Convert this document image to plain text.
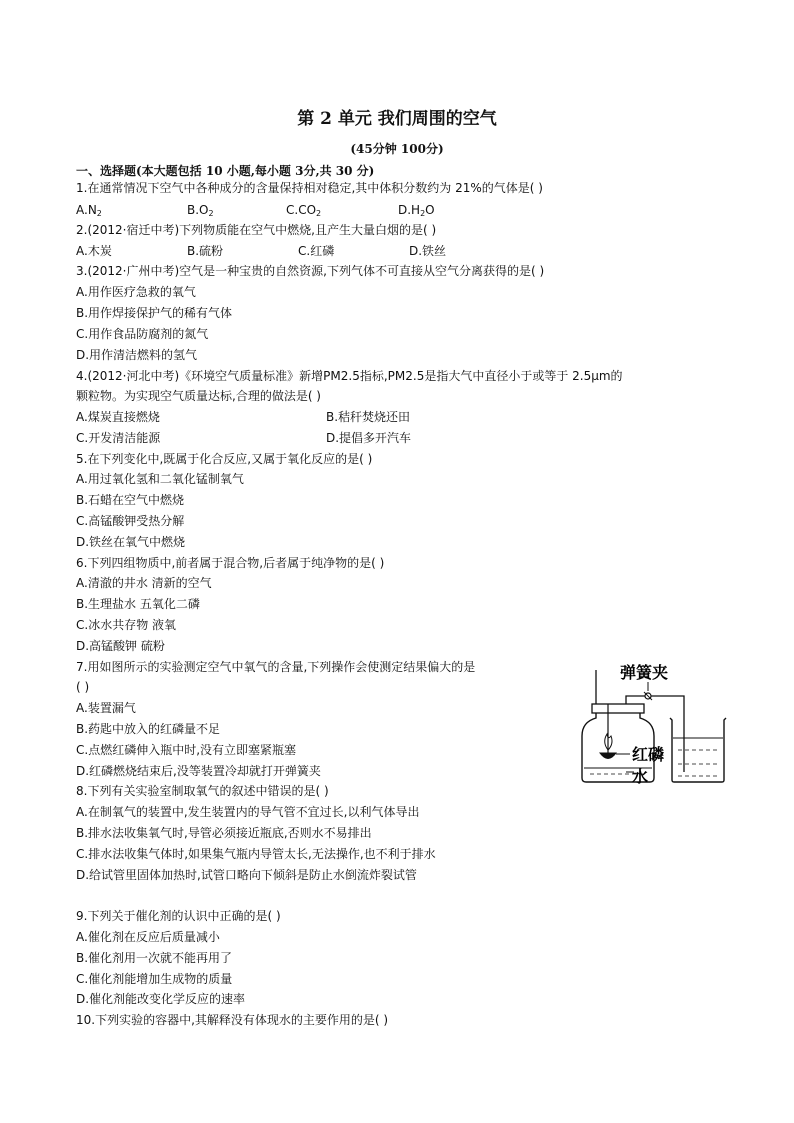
第 2 单元 我们周围的空气
(45分钟 100分)
一、选择题(本大题包括 10 小题,每小题 3分,共 30 分)
1.在通常情况下空气中各种成分的含量保持相对稳定,其中体积分数约为 21%的气体是( )
$A.N_2$	$B.O_2$	$C.CO_2$	$D.H_2O$
2.(2012·宿迁中考)下列物质能在空气中燃烧,且产生大量白烟的是( )
A.木炭	B.硫粉	C.红磷	D.铁丝
3.(2012·广州中考)空气是一种宝贵的自然资源,下列气体不可直接从空气分离获得的是( )
A.用作医疗急救的氧气
B.用作焊接保护气的稀有气体
C.用作食品防腐剂的氮气
D.用作清洁燃料的氢气
4.(2012·河北中考)《环境空气质量标准》新增PM2.5指标,PM2.5是指大气中直径小于或等于 2.5μm的
颗粒物。为实现空气质量达标,合理的做法是( )
A.煤炭直接燃烧	B.秸秆焚烧还田
C.开发清洁能源	D.提倡多开汽车
5.在下列变化中,既属于化合反应,又属于氧化反应的是( )
A.用过氧化氢和二氧化锰制氧气
B.石蜡在空气中燃烧
C.高锰酸钾受热分解
D.铁丝在氧气中燃烧
6.下列四组物质中,前者属于混合物,后者属于纯净物的是( )
A.清澈的井水 清新的空气
B.生理盐水 五氧化二磷
C.冰水共存物 液氧
D.高锰酸钾 硫粉
7.用如图所示的实验测定空气中氧气的含量,下列操作会使测定结果偏大的是
( )
A.装置漏气
B.药匙中放入的红磷量不足
C.点燃红磷伸入瓶中时,没有立即塞紧瓶塞
D.红磷燃烧结束后,没等装置冷却就打开弹簧夹
弹簧夹
红磷
水
8.下列有关实验室制取氧气的叙述中错误的是( )
A.在制氧气的装置中,发生装置内的导气管不宜过长,以利气体导出
B.排水法收集氧气时,导管必须接近瓶底,否则水不易排出
C.排水法收集气体时,如果集气瓶内导管太长,无法操作,也不利于排水
D.给试管里固体加热时,试管口略向下倾斜是防止水倒流炸裂试管
9.下列关于催化剂的认识中正确的是( )
A.催化剂在反应后质量减小
B.催化剂用一次就不能再用了
C.催化剂能增加生成物的质量
D.催化剂能改变化学反应的速率
10.下列实验的容器中,其解释没有体现水的主要作用的是( )
